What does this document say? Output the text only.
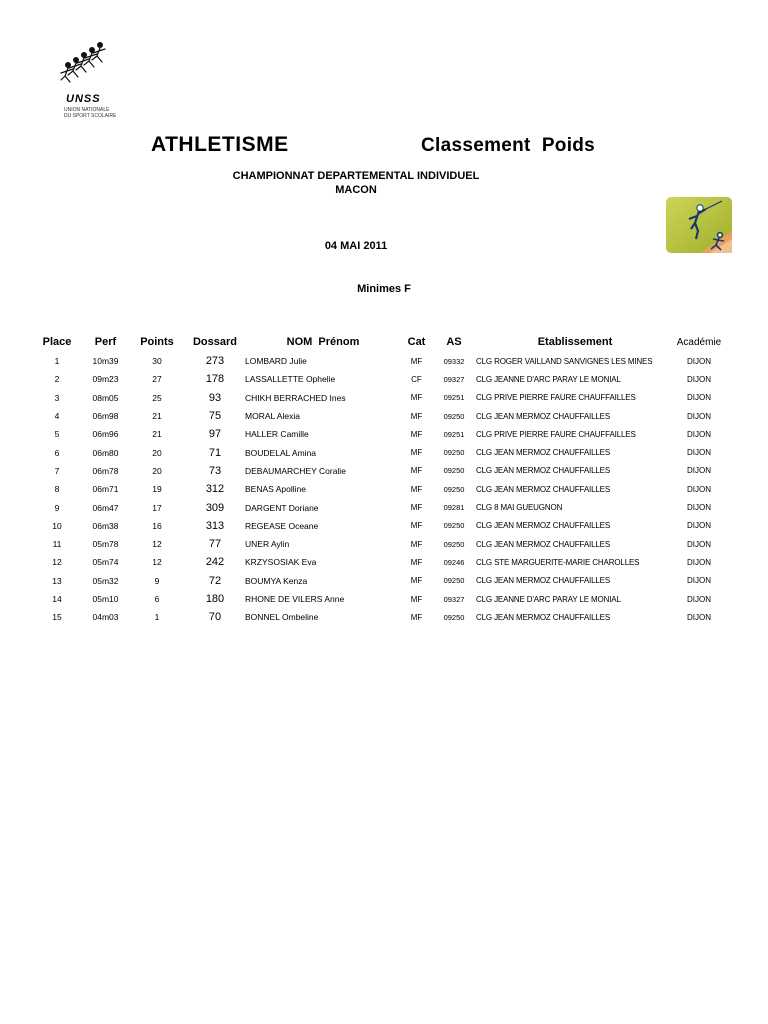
UNSS
UNION NATIONALE
DU SPORT SCOLAIRE
ATHLETISME	Classement  Poids
CHAMPIONNAT DEPARTEMENTAL INDIVIDUEL
MACON
04 MAI 2011
Minimes F
Place	Perf	Points	Dossard	NOM  Prénom	Cat	AS	Etablissement	Académie
1	10m39	30	273	LOMBARD Julie	MF	09332	CLG ROGER VAILLAND SANVIGNES LES MINES	DIJON
2	09m23	27	178	LASSALLETTE Ophelie	CF	09327	CLG JEANNE D'ARC PARAY LE MONIAL	DIJON
3	08m05	25	93	CHIKH BERRACHED Ines	MF	09251	CLG PRIVE PIERRE FAURE CHAUFFAILLES	DIJON
4	06m98	21	75	MORAL Alexia	MF	09250	CLG JEAN MERMOZ CHAUFFAILLES	DIJON
5	06m96	21	97	HALLER Camille	MF	09251	CLG PRIVE PIERRE FAURE CHAUFFAILLES	DIJON
6	06m80	20	71	BOUDELAL Amina	MF	09250	CLG JEAN MERMOZ CHAUFFAILLES	DIJON
7	06m78	20	73	DEBAUMARCHEY Coralie	MF	09250	CLG JEAN MERMOZ CHAUFFAILLES	DIJON
8	06m71	19	312	BENAS Apolline	MF	09250	CLG JEAN MERMOZ CHAUFFAILLES	DIJON
9	06m47	17	309	DARGENT Doriane	MF	09281	CLG 8 MAI GUEUGNON	DIJON
10	06m38	16	313	REGEASE Oceane	MF	09250	CLG JEAN MERMOZ CHAUFFAILLES	DIJON
11	05m78	12	77	UNER Aylin	MF	09250	CLG JEAN MERMOZ CHAUFFAILLES	DIJON
12	05m74	12	242	KRZYSOSIAK Eva	MF	09246	CLG STE MARGUERITE-MARIE CHAROLLES	DIJON
13	05m32	9	72	BOUMYA Kenza	MF	09250	CLG JEAN MERMOZ CHAUFFAILLES	DIJON
14	05m10	6	180	RHONE DE VILERS Anne	MF	09327	CLG JEANNE D'ARC PARAY LE MONIAL	DIJON
15	04m03	1	70	BONNEL Ombeline	MF	09250	CLG JEAN MERMOZ CHAUFFAILLES	DIJON
